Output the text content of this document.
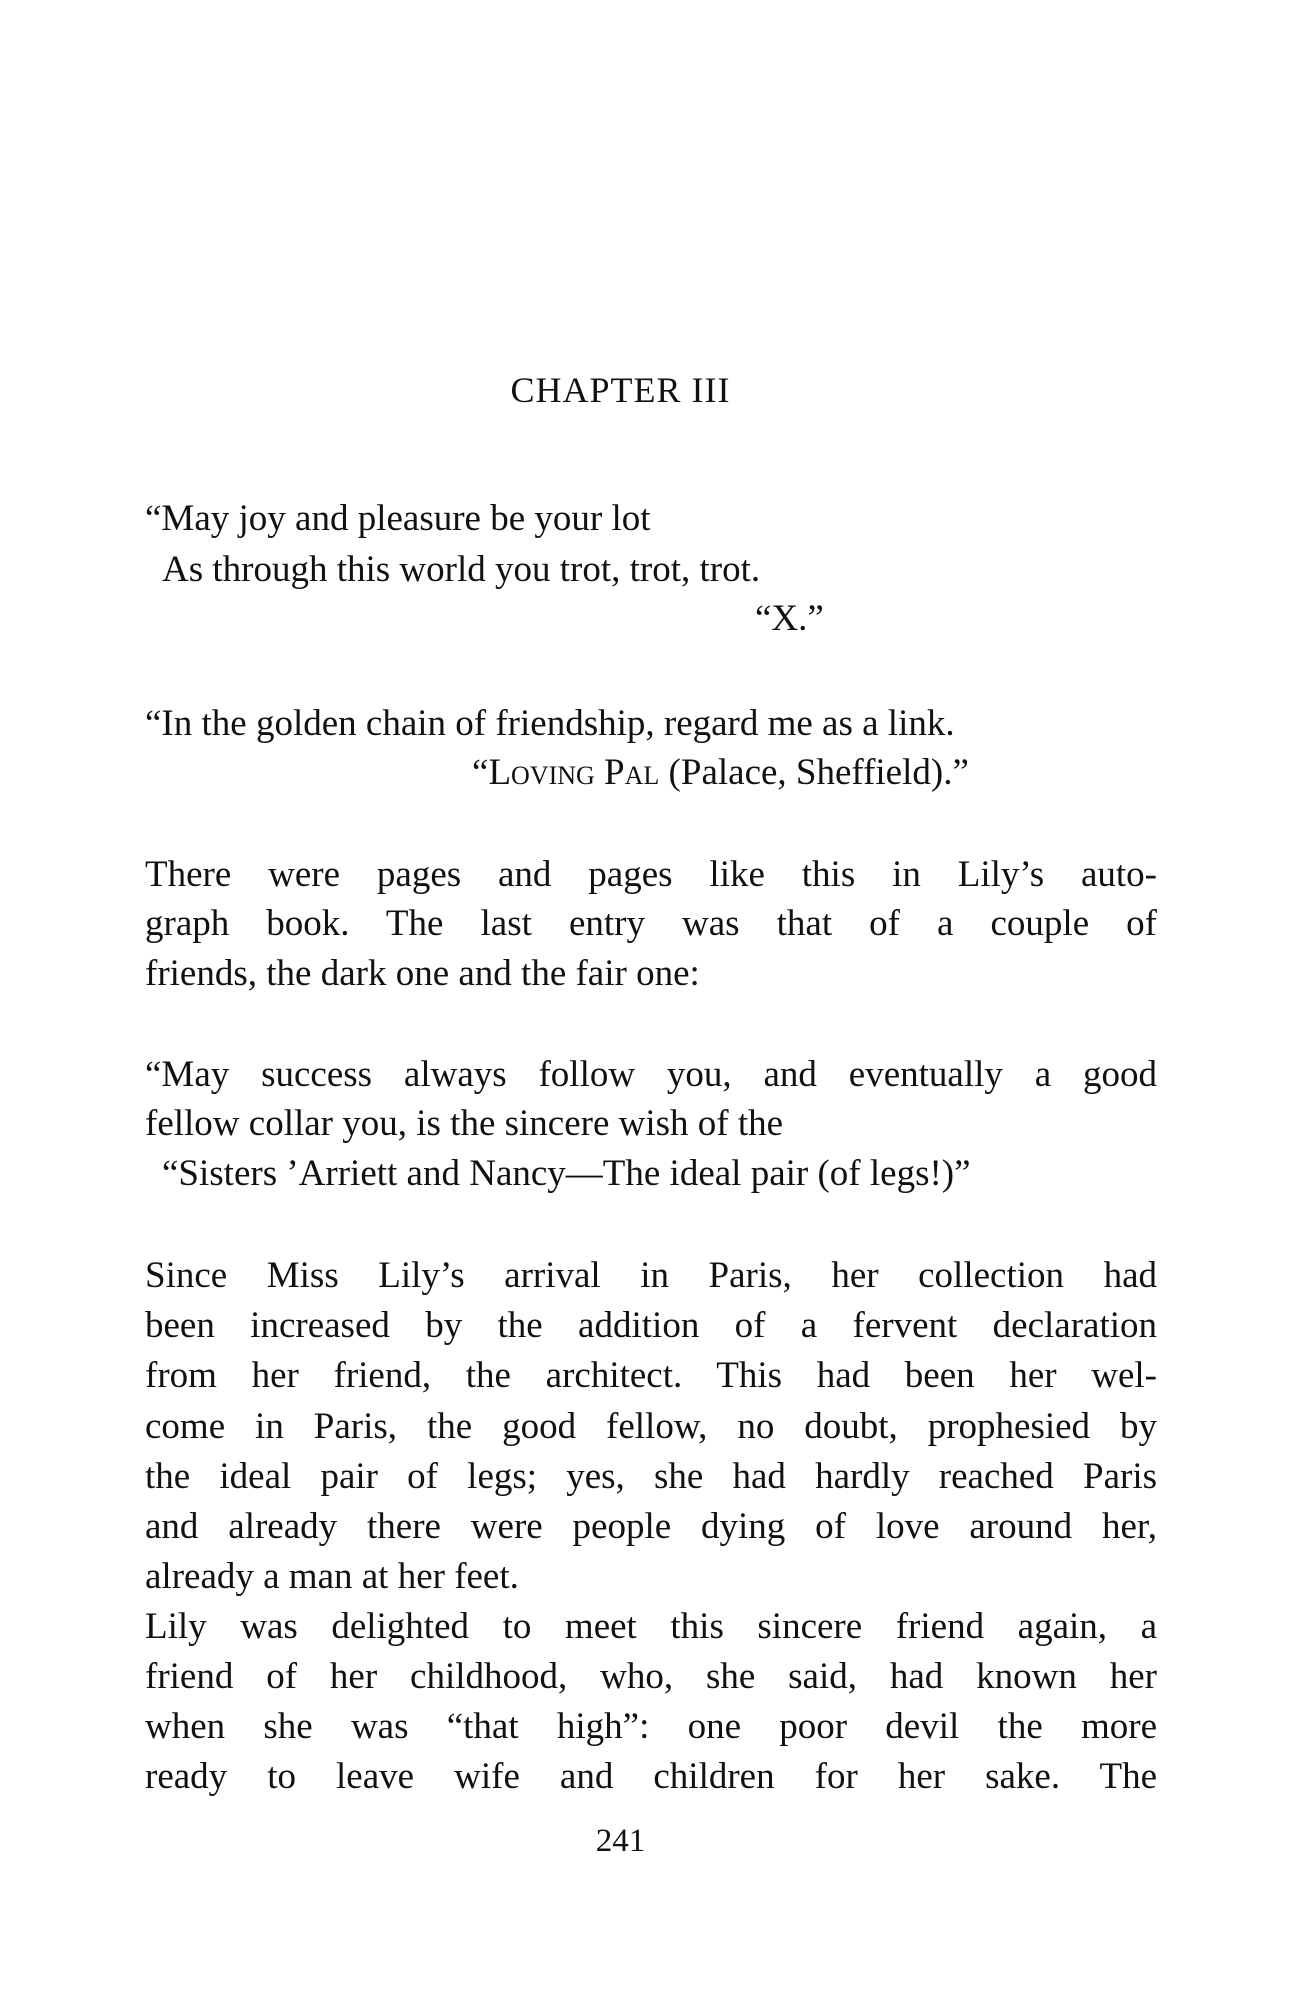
CHAPTER III
“May joy and pleasure be your lot
As through this world you trot, trot, trot.
“X.”
“In the golden chain of friendship, regard me as a link.
“Loving Pal (Palace, Sheffield).”
There were pages and pages like this in Lily’s auto-
graph book. The last entry was that of a couple of
friends, the dark one and the fair one:
“May success always follow you, and eventually a good
fellow collar you, is the sincere wish of the
“Sisters ’Arriett and Nancy—The ideal pair (of legs!)”
Since Miss Lily’s arrival in Paris, her collection had
been increased by the addition of a fervent declaration
from her friend, the architect. This had been her wel-
come in Paris, the good fellow, no doubt, prophesied by
the ideal pair of legs; yes, she had hardly reached Paris
and already there were people dying of love around her,
already a man at her feet.
Lily was delighted to meet this sincere friend again, a
friend of her childhood, who, she said, had known her
when she was “that high”: one poor devil the more
ready to leave wife and children for her sake. The
241
